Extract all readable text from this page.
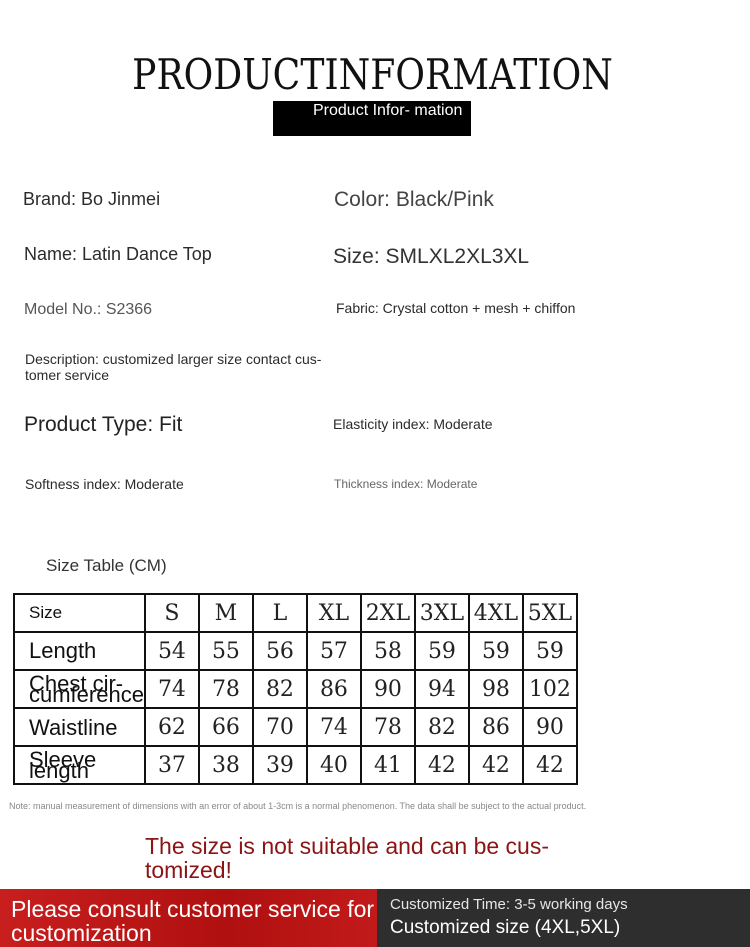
PRODUCTINFORMATION
Product Infor- mation
Brand: Bo Jinmei	Color: Black/Pink
Name: Latin Dance Top	Size: SMLXL2XL3XL
Model No.: S2366	Fabric: Crystal cotton + mesh + chiffon
Description: customized larger size contact cus- tomer service
Product Type: Fit	Elasticity index: Moderate
Softness index: Moderate	Thickness index: Moderate
Size Table (CM)
Size	S	M	L	XL	2XL	3XL	4XL	5XL
Length	54	55	56	57	58	59	59	59
Chest cir- cumference	74	78	82	86	90	94	98	102
Waistline	62	66	70	74	78	82	86	90
Sleeve length	37	38	39	40	41	42	42	42
Note: manual measurement of dimensions with an error of about 1-3cm is a normal phenomenon. The data shall be subject to the actual product.
The size is not suitable and can be cus- tomized!
Please consult customer service for customization
Customized Time: 3-5 working days
Customized size (4XL,5XL)
